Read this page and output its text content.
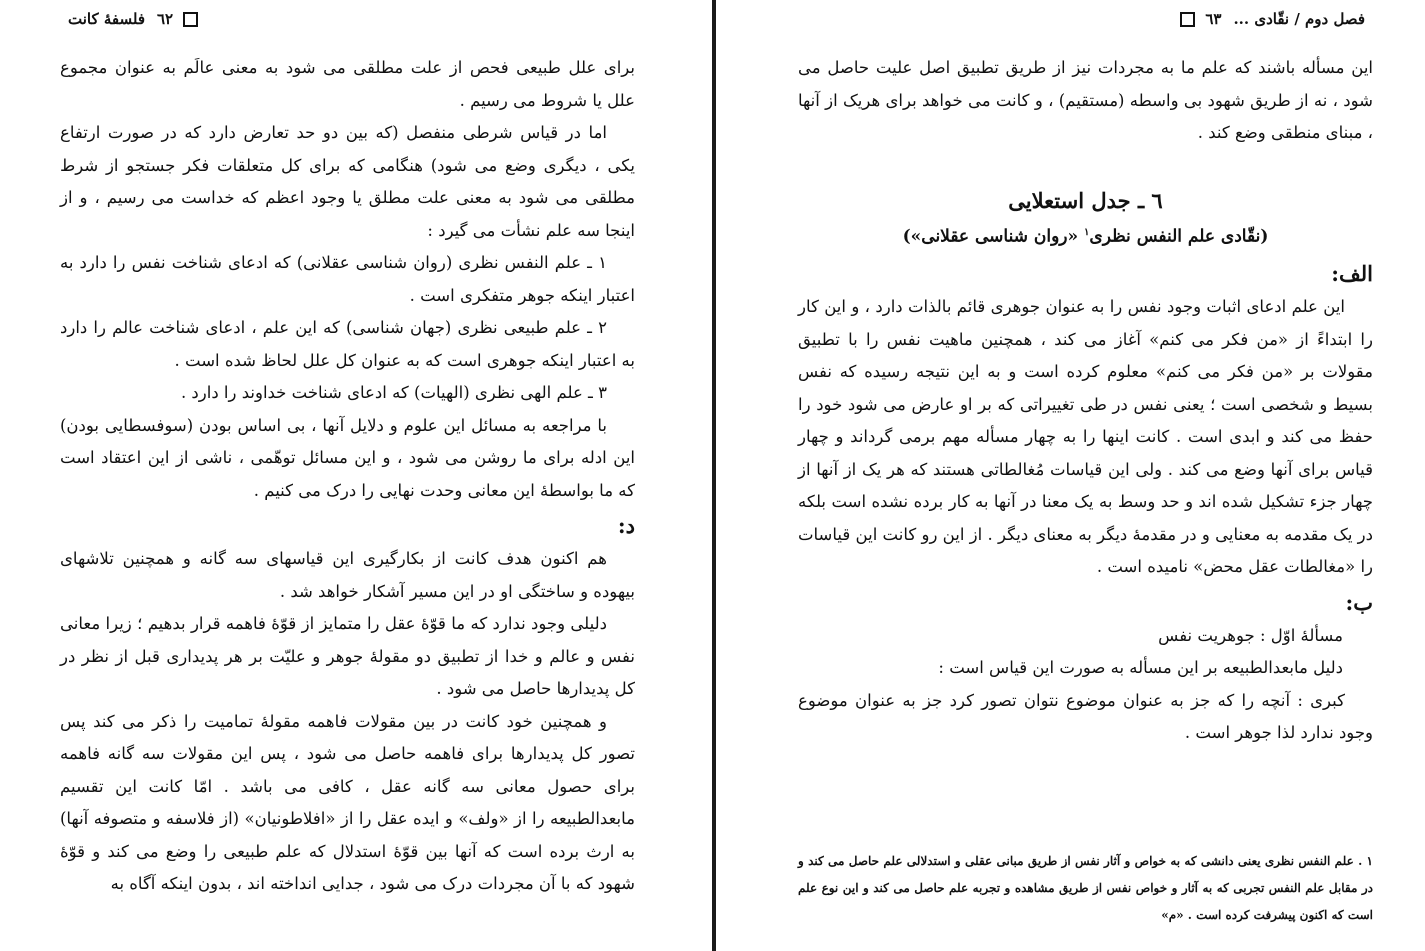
٦٢
فلسفهٔ کانت

برای علل طبیعی فحص از علت مطلقی می شود به معنی عالَم به عنوان مجموع علل یا شروط می رسیم .

اما در قیاس شرطی منفصل (که بین دو حد تعارض دارد که در صورت ارتفاع یکی ، دیگری وضع می شود) هنگامی که برای کل متعلقات فکر جستجو از شرط مطلقی می شود به معنی علت مطلق یا وجود اعظم که خداست می رسیم ، و از اینجا سه علم نشأت می گیرد :

۱ ـ علم النفس نظری (روان شناسی عقلانی) که ادعای شناخت نفس را دارد به اعتبار اینکه جوهر متفکری است .

۲ ـ علم طبیعی نظری (جهان شناسی) که این علم ، ادعای شناخت عالم را دارد به اعتبار اینکه جوهری است که به عنوان کل علل لحاظ شده است .

۳ ـ علم الهی نظری (الهیات) که ادعای شناخت خداوند را دارد .

با مراجعه به مسائل این علوم و دلایل آنها ، بی اساس بودن (سوفسطایی بودن) این ادله برای ما روشن می شود ، و این مسائل توهّمی ، ناشی از این اعتقاد است که ما بواسطهٔ این معانی وحدت نهایی را درک می کنیم .

د:

هم اکنون هدف کانت از بکارگیری این قیاسهای سه گانه و همچنین تلاشهای بیهوده و ساختگی او در این مسیر آشکار خواهد شد .

دلیلی وجود ندارد که ما قوّهٔ عقل را متمایز از قوّهٔ فاهمه قرار بدهیم ؛ زیرا معانی نفس و عالم و خدا از تطبیق دو مقولهٔ جوهر و علیّت بر هر پدیداری قبل از نظر در کل پدیدارها حاصل می شود .

و همچنین خود کانت در بین مقولات فاهمه مقولهٔ تمامیت را ذکر می کند پس تصور کل پدیدارها برای فاهمه حاصل می شود ، پس این مقولات سه گانه فاهمه برای حصول معانی سه گانه عقل ، کافی می باشد . امّا کانت این تقسیم مابعدالطبیعه را از «ولف» و ایده عقل را از «افلاطونیان» (از فلاسفه و متصوفه آنها) به ارث برده است که آنها بین قوّهٔ استدلال که علم طبیعی را وضع می کند و قوّهٔ شهود که با آن مجردات درک می شود ، جدایی انداخته اند ، بدون اینکه آگاه به

فصل دوم / نقّادی ...
٦٣

این مسأله باشند که علم ما به مجردات نیز از طریق تطبیق اصل علیت حاصل می شود ، نه از طریق شهود بی واسطه (مستقیم) ، و کانت می خواهد برای هریک از آنها ، مبنای منطقی وضع کند .

٦ ـ جدل استعلایی
(نقّادی علم النفس نظری$^۱$ «روان شناسی عقلانی»)
الف:

این علم ادعای اثبات وجود نفس را به عنوان جوهری قائم بالذات دارد ، و این کار را ابتداءً از «من فکر می کنم» آغاز می کند ، همچنین ماهیت نفس را با تطبیق مقولات بر «من فکر می کنم» معلوم کرده است و به این نتیجه رسیده که نفس بسیط و شخصی است ؛ یعنی نفس در طی تغییراتی که بر او عارض می شود خود را حفظ می کند و ابدی است . کانت اینها را به چهار مسأله مهم برمی گرداند و چهار قیاس برای آنها وضع می کند . ولی این قیاسات مُغالطاتی هستند که هر یک از آنها از چهار جزء تشکیل شده اند و حد وسط به یک معنا در آنها به کار برده نشده است بلکه در یک مقدمه به معنایی و در مقدمهٔ دیگر به معنای دیگر . از این رو کانت این قیاسات را «مغالطات عقل محض» نامیده است .

ب:

مسألهٔ اوّل : جوهریت نفس

دلیل مابعدالطبیعه بر این مسأله به صورت این قیاس است :

کبری : آنچه را که جز به عنوان موضوع نتوان تصور کرد جز به عنوان موضوع وجود ندارد لذا جوهر است .

۱ . علم النفس نظری یعنی دانشی که به خواص و آثار نفس از طریق مبانی عقلی و استدلالی علم حاصل می کند و در مقابل علم النفس تجربی که به آثار و خواص نفس از طریق مشاهده و تجربه علم حاصل می کند و این نوع علم است که اکنون پیشرفت کرده است . «م»
